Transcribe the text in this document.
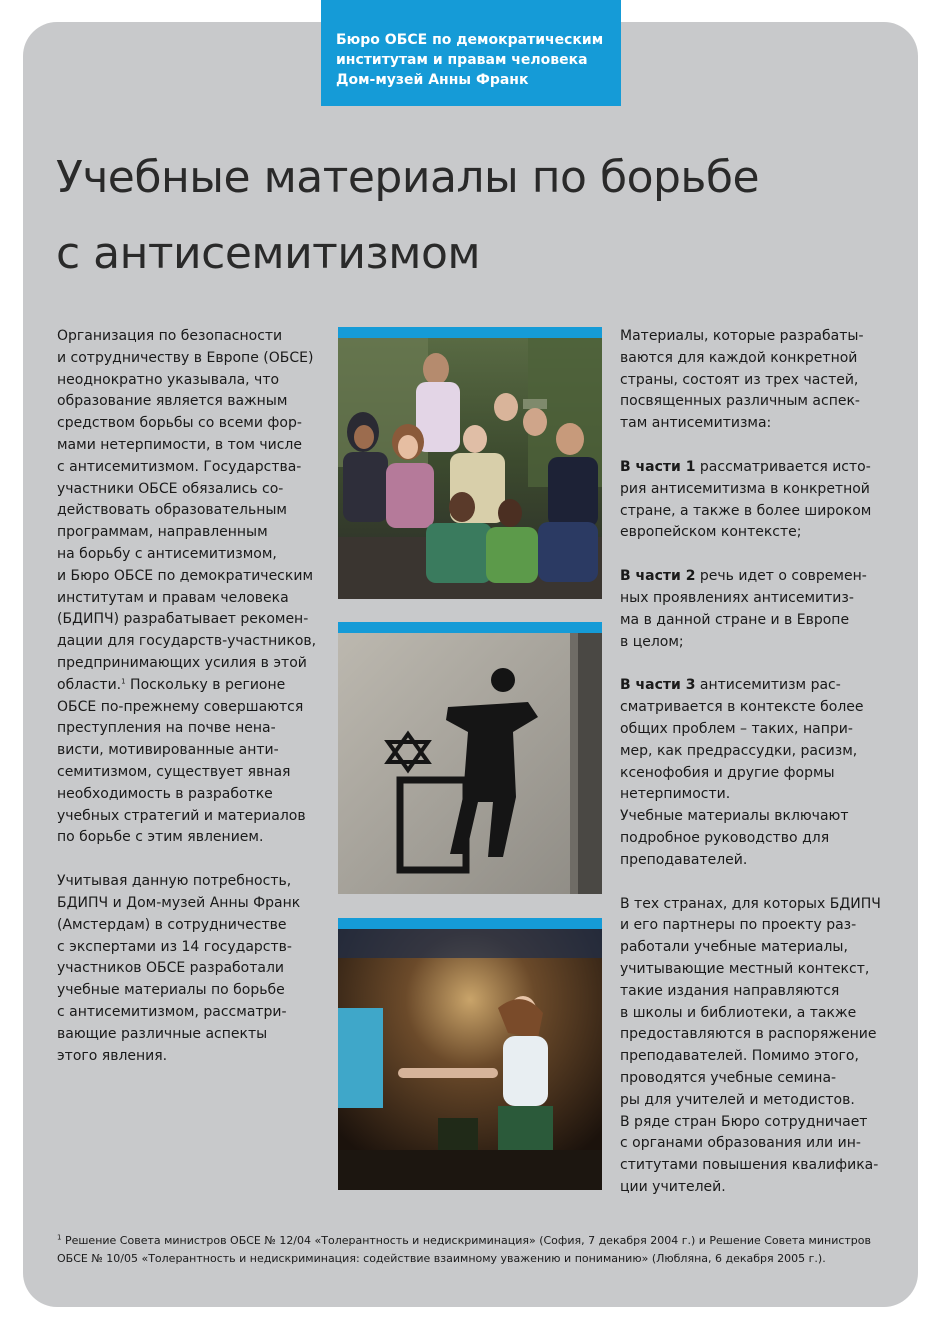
Бюро ОБСЕ по демократическим
институтам и правам человека
Дом-музей Анны Франк
Учебные материалы по борьбе
с антисемитизмом

Организация по безопасности
и сотрудничеству в Европе (ОБСЕ)
неоднократно указывала, что
образование является важным
средством борьбы со всеми фор-
мами нетерпимости, в том числе
с антисемитизмом. Государства-
участники ОБСЕ обязались со-
действовать образовательным
программам, направленным
на борьбу с антисемитизмом,
и Бюро ОБСЕ по демократическим
институтам и правам человека
(БДИПЧ) разрабатывает рекомен-
дации для государств-участников,
предпринимающих усилия в этой
области.$^1$ Поскольку в регионе
ОБСЕ по-прежнему совершаются
преступления на почве нена-
висти, мотивированные анти-
семитизмом, существует явная
необходимость в разработке
учебных стратегий и материалов
по борьбе с этим явлением.

Учитывая данную потребность,
БДИПЧ и Дом-музей Анны Франк
(Амстердам) в сотрудничестве
с экспертами из 14 государств-
участников ОБСЕ разработали
учебные материалы по борьбе
с антисемитизмом, рассматри-
вающие различные аспекты
этого явления.

Материалы, которые разрабаты-
ваются для каждой конкретной
страны, состоят из трех частей,
посвященных различным аспек-
там антисемитизма:

В части 1 рассматривается исто-
рия антисемитизма в конкретной
стране, а также в более широком
европейском контексте;

В части 2 речь идет о современ-
ных проявлениях антисемитиз-
ма в данной стране и в Европе
в целом;

В части 3 антисемитизм рас-
сматривается в контексте более
общих проблем – таких, напри-
мер, как предрассудки, расизм,
ксенофобия и другие формы
нетерпимости.
Учебные материалы включают
подробное руководство для
преподавателей.

В тех странах, для которых БДИПЧ
и его партнеры по проекту раз-
работали учебные материалы,
учитывающие местный контекст,
такие издания направляются
в школы и библиотеки, а также
предоставляются в распоряжение
преподавателей. Помимо этого,
проводятся учебные семина-
ры для учителей и методистов.
В ряде стран Бюро сотрудничает
с органами образования или ин-
ститутами повышения квалифика-
ции учителей.

$^1$ Решение Совета министров ОБСЕ № 12/04 «Толерантность и недискриминация» (София, 7 декабря 2004 г.) и Решение Совета министров
ОБСЕ № 10/05 «Толерантность и недискриминация: содействие взаимному уважению и пониманию» (Любляна, 6 декабря 2005 г.).
